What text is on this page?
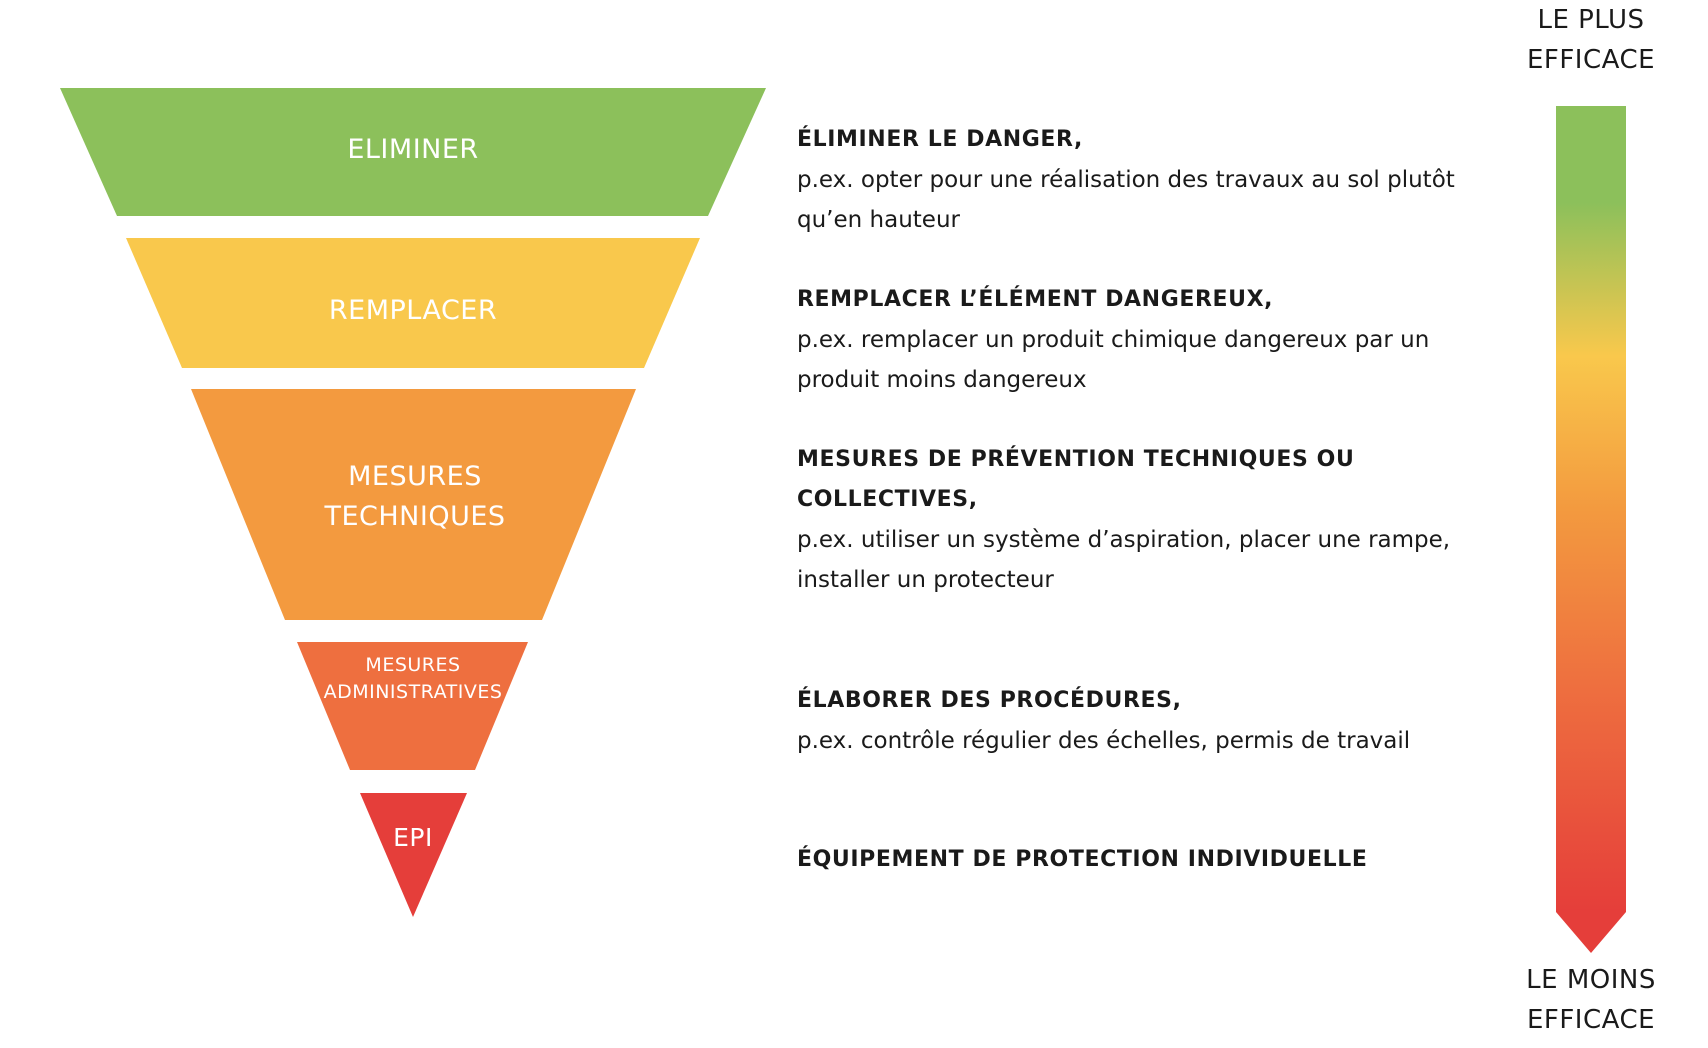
ELIMINER
REMPLACER
MESURES
TECHNIQUES
MESURES
ADMINISTRATIVES
EPI
ÉLIMINER LE DANGER,
p.ex. opter pour une réalisation des travaux au sol plutôt
qu’en hauteur
REMPLACER L’ÉLÉMENT DANGEREUX,
p.ex. remplacer un produit chimique dangereux par un
produit moins dangereux
MESURES DE PRÉVENTION TECHNIQUES OU COLLECTIVES,
p.ex. utiliser un système d’aspiration, placer une rampe,
installer un protecteur
ÉLABORER DES PROCÉDURES,
p.ex. contrôle régulier des échelles, permis de travail
ÉQUIPEMENT DE PROTECTION INDIVIDUELLE
LE PLUS
EFFICACE
LE MOINS
EFFICACE
